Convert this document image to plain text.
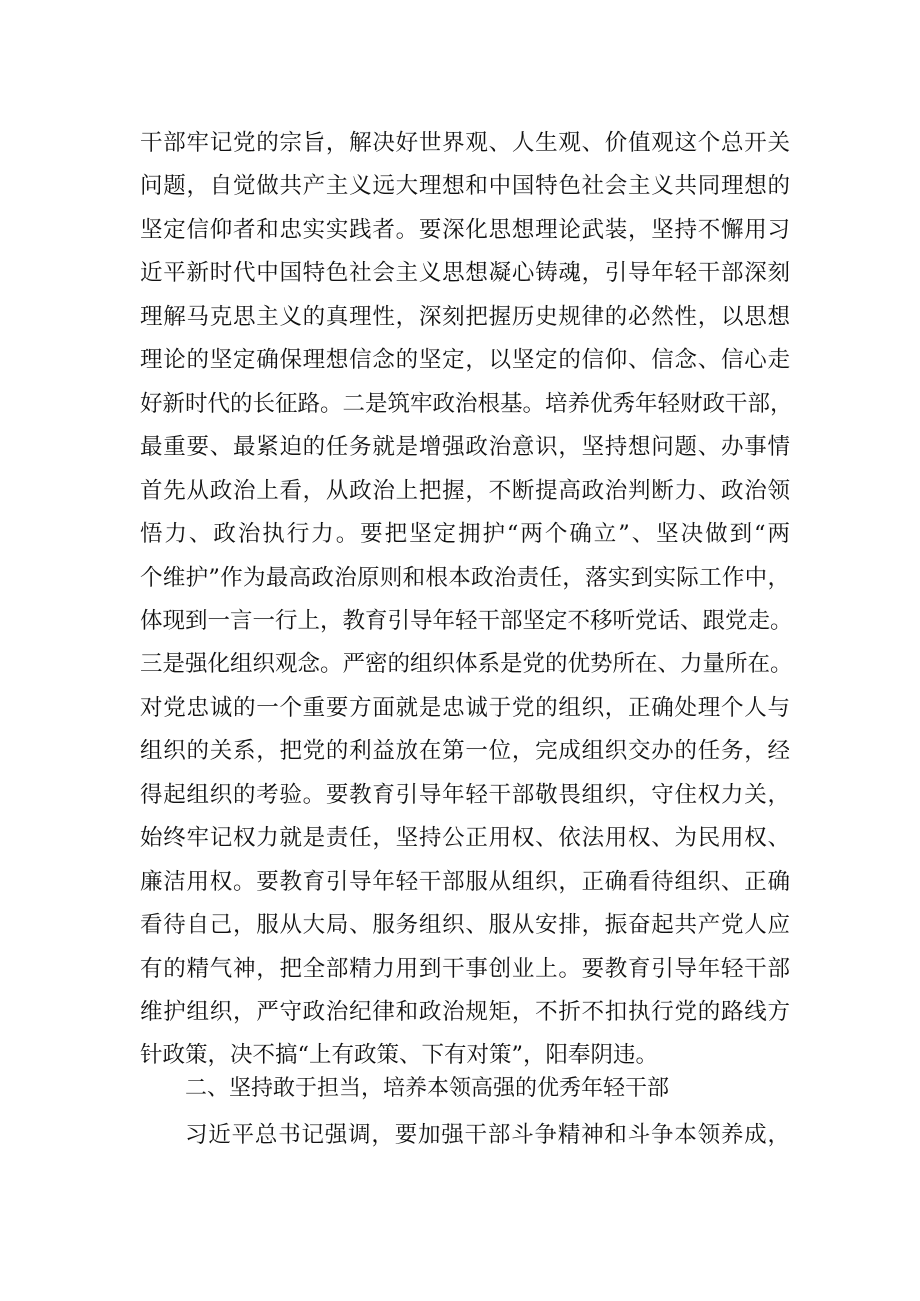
干部牢记党的宗旨，解决好世界观、人生观、价值观这个总开关
问题，自觉做共产主义远大理想和中国特色社会主义共同理想的
坚定信仰者和忠实实践者。要深化思想理论武装，坚持不懈用习
近平新时代中国特色社会主义思想凝心铸魂，引导年轻干部深刻
理解马克思主义的真理性，深刻把握历史规律的必然性，以思想
理论的坚定确保理想信念的坚定，以坚定的信仰、信念、信心走
好新时代的长征路。二是筑牢政治根基。培养优秀年轻财政干部，
最重要、最紧迫的任务就是增强政治意识，坚持想问题、办事情
首先从政治上看，从政治上把握，不断提高政治判断力、政治领
悟力、政治执行力。要把坚定拥护“两个确立”、坚决做到“两
个维护”作为最高政治原则和根本政治责任，落实到实际工作中，
体现到一言一行上，教育引导年轻干部坚定不移听党话、跟党走。
三是强化组织观念。严密的组织体系是党的优势所在、力量所在。
对党忠诚的一个重要方面就是忠诚于党的组织，正确处理个人与
组织的关系，把党的利益放在第一位，完成组织交办的任务，经
得起组织的考验。要教育引导年轻干部敬畏组织，守住权力关，
始终牢记权力就是责任，坚持公正用权、依法用权、为民用权、
廉洁用权。要教育引导年轻干部服从组织，正确看待组织、正确
看待自己，服从大局、服务组织、服从安排，振奋起共产党人应
有的精气神，把全部精力用到干事创业上。要教育引导年轻干部
维护组织，严守政治纪律和政治规矩，不折不扣执行党的路线方
针政策，决不搞“上有政策、下有对策”，阳奉阴违。
二、坚持敢于担当，培养本领高强的优秀年轻干部
习近平总书记强调，要加强干部斗争精神和斗争本领养成，
